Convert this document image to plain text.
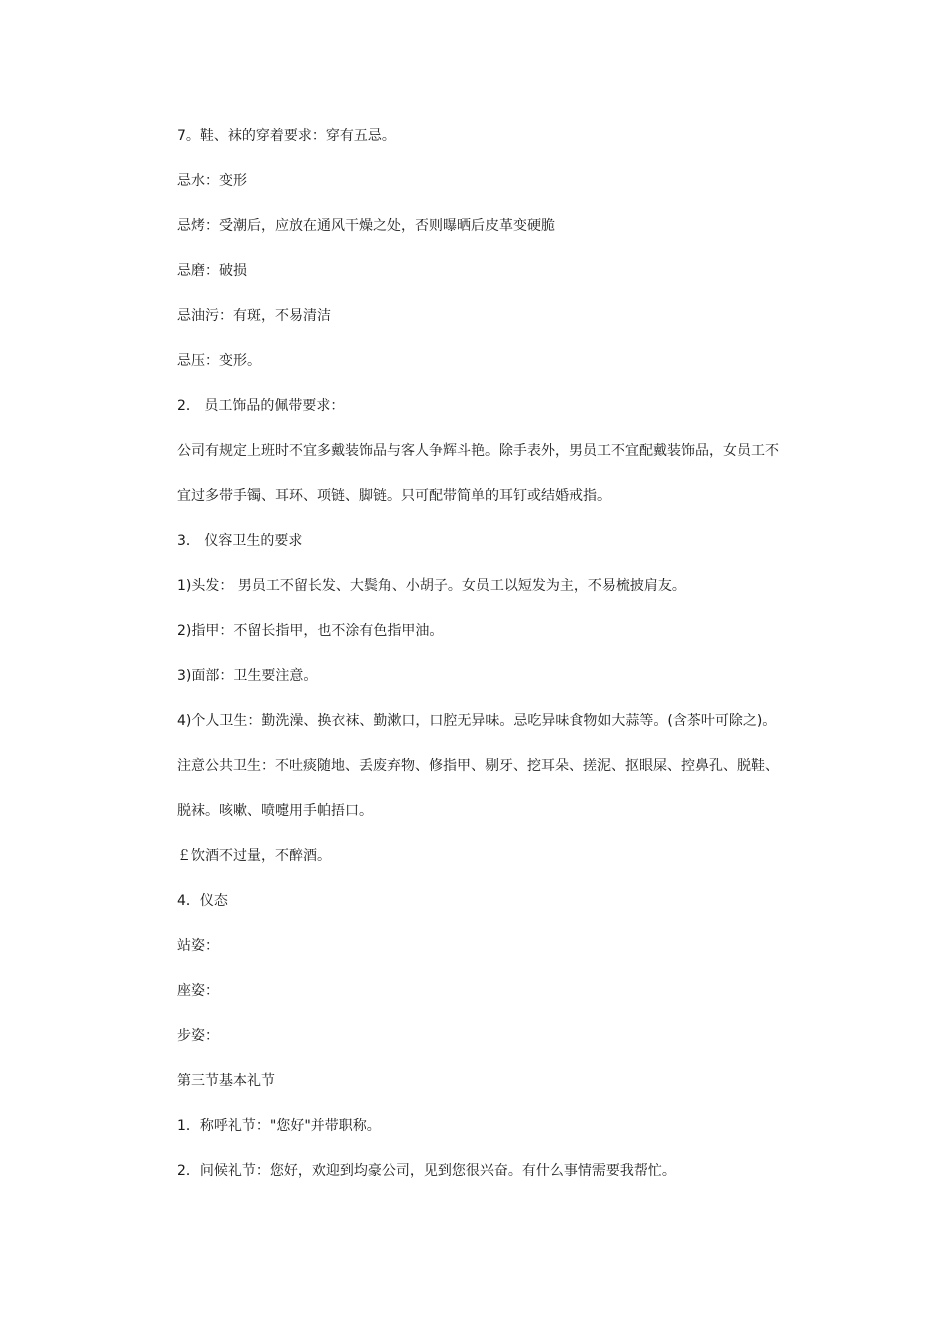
7。鞋、袜的穿着要求：穿有五忌。
忌水：变形
忌烤：受潮后，应放在通风干燥之处，否则曝晒后皮革变硬脆
忌磨：破损
忌油污：有斑，不易清洁
忌压：变形。
2． 员工饰品的佩带要求：
公司有规定上班时不宜多戴装饰品与客人争辉斗艳。除手表外，男员工不宜配戴装饰品，女员工不
宜过多带手镯、耳环、项链、脚链。只可配带简单的耳钉或结婚戒指。
3． 仪容卫生的要求
1)头发： 男员工不留长发、大鬓角、小胡子。女员工以短发为主，不易梳披肩友。
2)指甲：不留长指甲，也不涂有色指甲油。
3)面部：卫生要注意。
4)个人卫生：勤洗澡、换衣袜、勤漱口，口腔无异味。忌吃异味食物如大蒜等。(含茶叶可除之)。
注意公共卫生：不吐痰随地、丢废弃物、修指甲、剔牙、挖耳朵、搓泥、抠眼屎、控鼻孔、脱鞋、
脱袜。咳嗽、喷嚏用手帕捂口。
￡饮酒不过量，不醉酒。
4．仪态
站姿：
座姿：
步姿：
第三节基本礼节
1．称呼礼节："您好"并带职称。
2．问候礼节：您好，欢迎到均豪公司，见到您很兴奋。有什么事情需要我帮忙。
